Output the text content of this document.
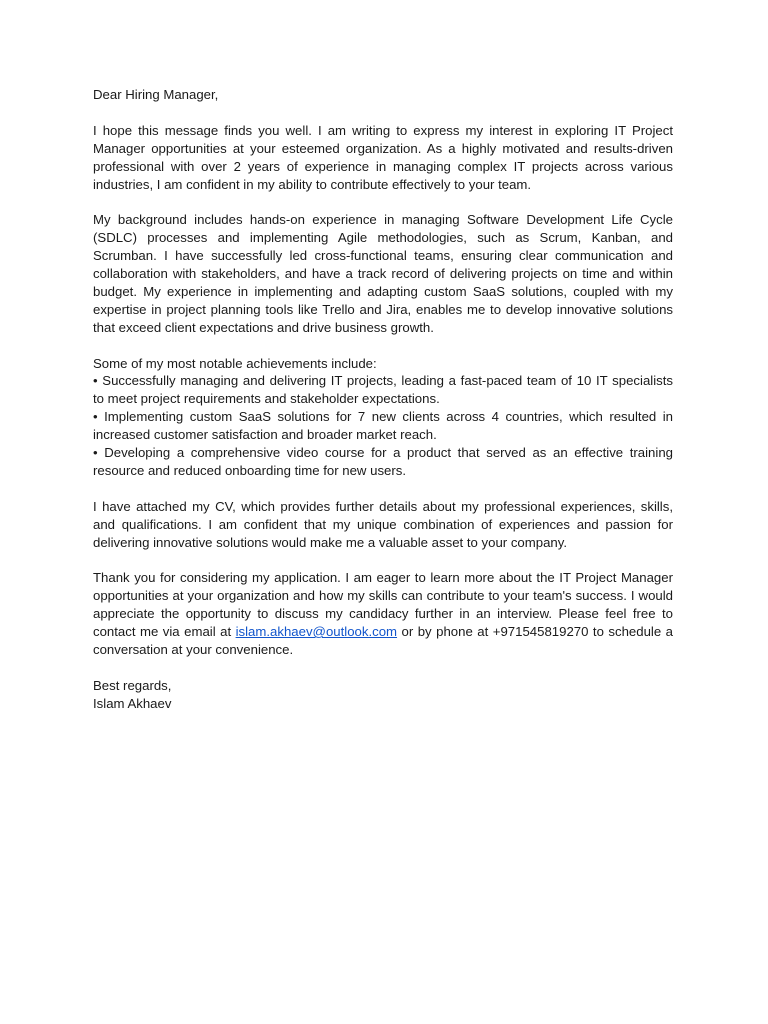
Dear Hiring Manager,

I hope this message finds you well. I am writing to express my interest in exploring IT Project Manager opportunities at your esteemed organization. As a highly motivated and results-driven professional with over 2 years of experience in managing complex IT projects across various industries, I am confident in my ability to contribute effectively to your team.

My background includes hands-on experience in managing Software Development Life Cycle (SDLC) processes and implementing Agile methodologies, such as Scrum, Kanban, and Scrumban. I have successfully led cross-functional teams, ensuring clear communication and collaboration with stakeholders, and have a track record of delivering projects on time and within budget. My experience in implementing and adapting custom SaaS solutions, coupled with my expertise in project planning tools like Trello and Jira, enables me to develop innovative solutions that exceed client expectations and drive business growth.

Some of my most notable achievements include:
• Successfully managing and delivering IT projects, leading a fast-paced team of 10 IT specialists to meet project requirements and stakeholder expectations.
• Implementing custom SaaS solutions for 7 new clients across 4 countries, which resulted in increased customer satisfaction and broader market reach.
• Developing a comprehensive video course for a product that served as an effective training resource and reduced onboarding time for new users.

I have attached my CV, which provides further details about my professional experiences, skills, and qualifications. I am confident that my unique combination of experiences and passion for delivering innovative solutions would make me a valuable asset to your company.

Thank you for considering my application. I am eager to learn more about the IT Project Manager opportunities at your organization and how my skills can contribute to your team's success. I would appreciate the opportunity to discuss my candidacy further in an interview. Please feel free to contact me via email at islam.akhaev@outlook.com or by phone at +971545819270 to schedule a conversation at your convenience.

Best regards,
Islam Akhaev
